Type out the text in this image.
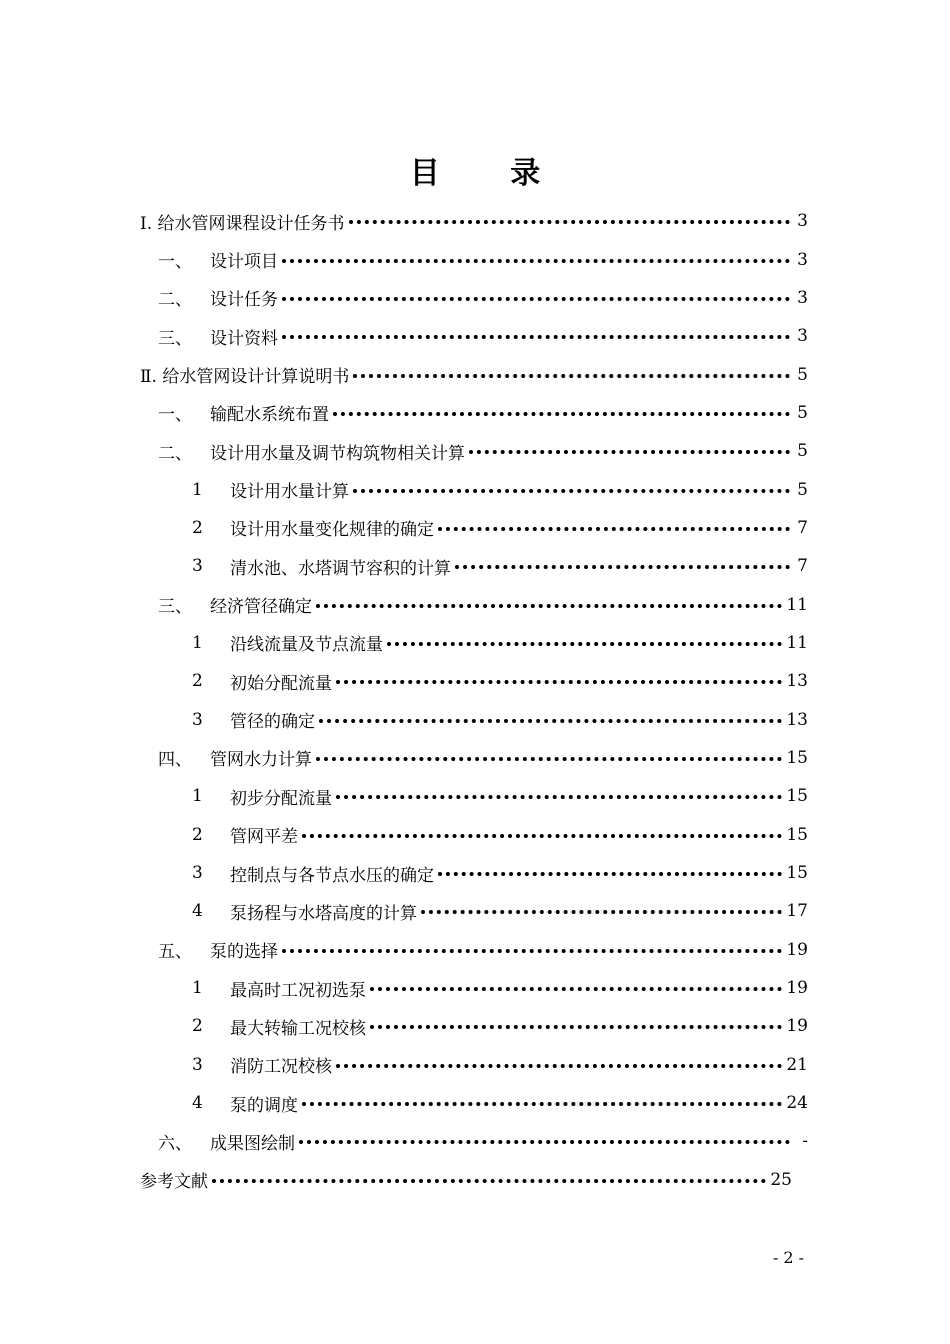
目 录
Ⅰ. 给水管网课程设计任务书	3
一、	设计项目	3
二、	设计任务	3
三、	设计资料	3
Ⅱ. 给水管网设计计算说明书	5
一、	输配水系统布置	5
二、	设计用水量及调节构筑物相关计算	5
1	设计用水量计算	5
2	设计用水量变化规律的确定	7
3	清水池、水塔调节容积的计算	7
三、	经济管径确定	11
1	沿线流量及节点流量	11
2	初始分配流量	13
3	管径的确定	13
四、	管网水力计算	15
1	初步分配流量	15
2	管网平差	15
3	控制点与各节点水压的确定	15
4	泵扬程与水塔高度的计算	17
五、	泵的选择	19
1	最高时工况初选泵	19
2	最大转输工况校核	19
3	消防工况校核	21
4	泵的调度	24
六、	成果图绘制	-
参考文献	25
- 2 -
